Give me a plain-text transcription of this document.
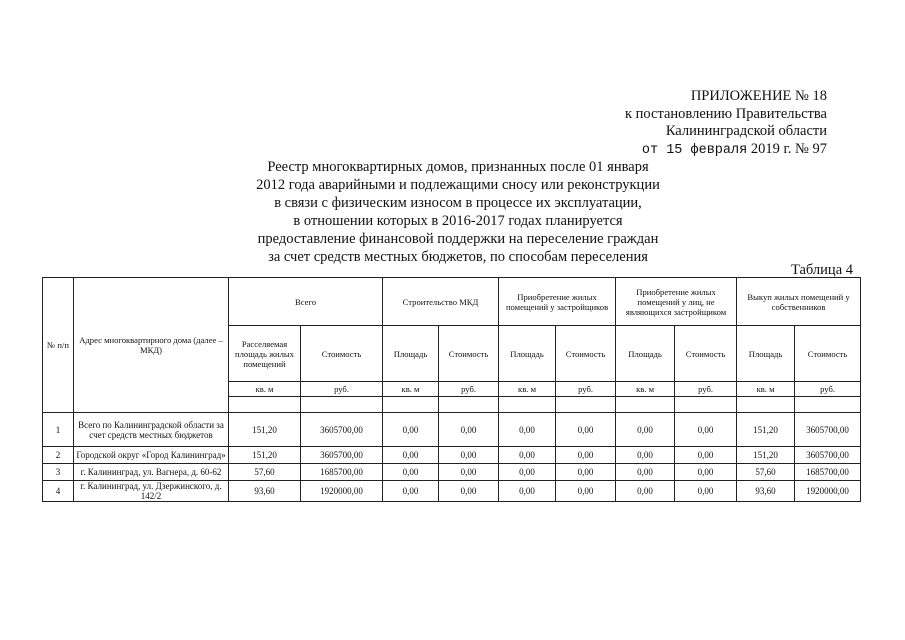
ПРИЛОЖЕНИЕ № 18
к постановлению Правительства
Калининградской области
от 15 февраля 2019 г. № 97
Реестр многоквартирных домов, признанных после 01 января
2012 года аварийными и подлежащими сносу или реконструкции
в связи с физическим износом в процессе их эксплуатации,
в отношении которых в 2016-2017 годах планируется
предоставление финансовой поддержки на переселение граждан
за счет средств местных бюджетов, по способам переселения
Таблица 4
№ п/п	Адрес многоквартирного дома (далее – МКД)	Всего		Строительство МКД		Приобретение жилых помещений у застройщиков		Приобретение жилых помещений у лиц, не являющихся застройщиком		Выкуп жилых помещений у собственников	
		Расселяемая площадь жилых помещений	Стоимость	Площадь	Стоимость	Площадь	Стоимость	Площадь	Стоимость	Площадь	Стоимость
		кв. м	руб.	кв. м	руб.	кв. м	руб.	кв. м	руб.	кв. м	руб.

1	Всего по Калининградской области за счет средств местных бюджетов	151,20	3605700,00	0,00	0,00	0,00	0,00	0,00	0,00	151,20	3605700,00
2	Городской округ «Город Калининград»	151,20	3605700,00	0,00	0,00	0,00	0,00	0,00	0,00	151,20	3605700,00
3	г. Калининград, ул. Вагнера, д. 60-62	57,60	1685700,00	0,00	0,00	0,00	0,00	0,00	0,00	57,60	1685700,00
4	г. Калининград, ул. Дзержинского, д. 142/2	93,60	1920000,00	0,00	0,00	0,00	0,00	0,00	0,00	93,60	1920000,00
